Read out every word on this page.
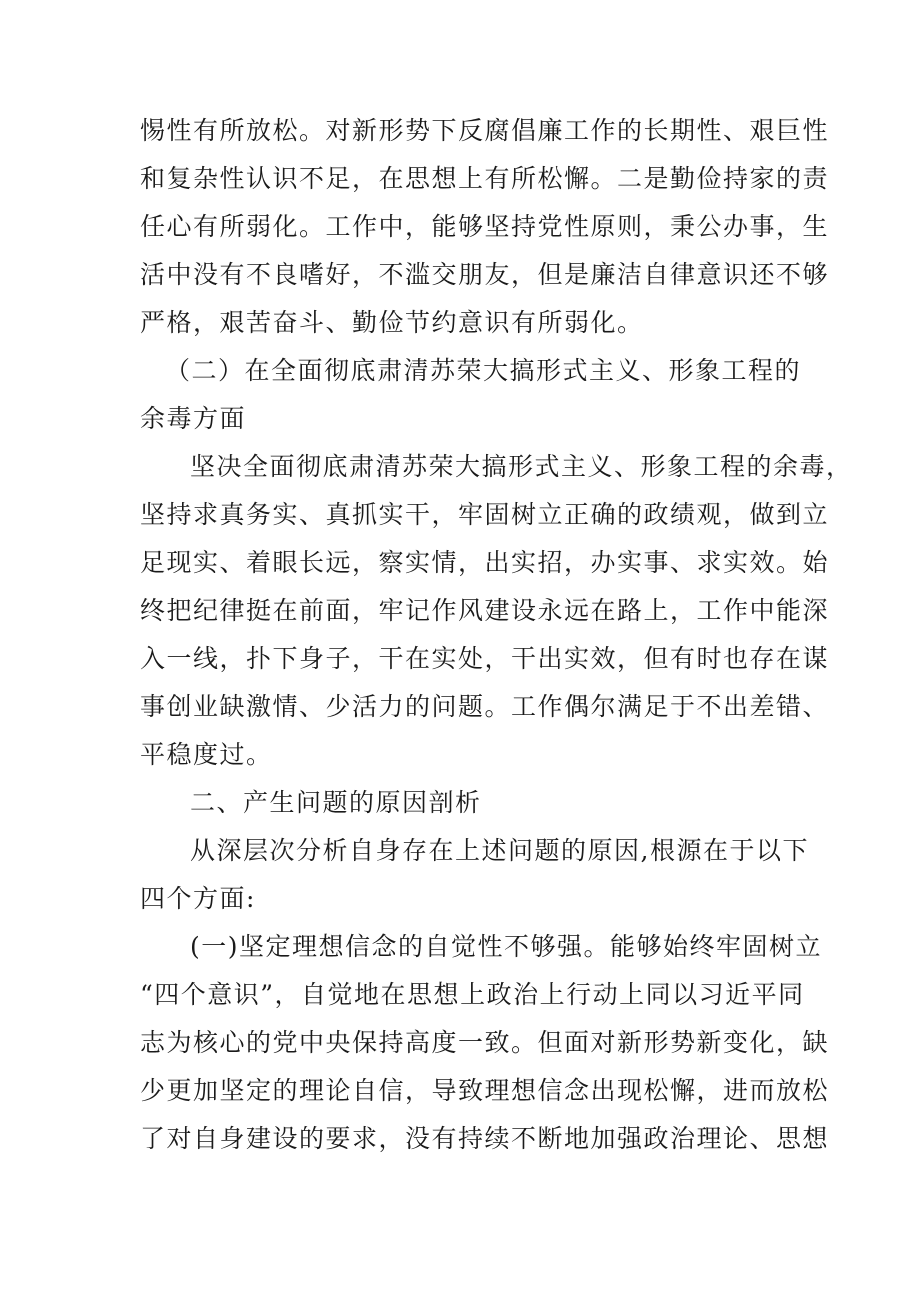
惕性有所放松。对新形势下反腐倡廉工作的长期性、艰巨性
和复杂性认识不足，在思想上有所松懈。二是勤俭持家的责
任心有所弱化。工作中，能够坚持党性原则，秉公办事，生
活中没有不良嗜好，不滥交朋友，但是廉洁自律意识还不够
严格，艰苦奋斗、勤俭节约意识有所弱化。
（二）在全面彻底肃清苏荣大搞形式主义、形象工程的
余毒方面
坚决全面彻底肃清苏荣大搞形式主义、形象工程的余毒，
坚持求真务实、真抓实干，牢固树立正确的政绩观，做到立
足现实、着眼长远，察实情，出实招，办实事、求实效。始
终把纪律挺在前面，牢记作风建设永远在路上，工作中能深
入一线，扑下身子，干在实处，干出实效，但有时也存在谋
事创业缺激情、少活力的问题。工作偶尔满足于不出差错、
平稳度过。
二、产生问题的原因剖析
从深层次分析自身存在上述问题的原因,根源在于以下
四个方面:
(一)坚定理想信念的自觉性不够强。能够始终牢固树立
“四个意识”，自觉地在思想上政治上行动上同以习近平同
志为核心的党中央保持高度一致。但面对新形势新变化，缺
少更加坚定的理论自信，导致理想信念出现松懈，进而放松
了对自身建设的要求，没有持续不断地加强政治理论、思想
